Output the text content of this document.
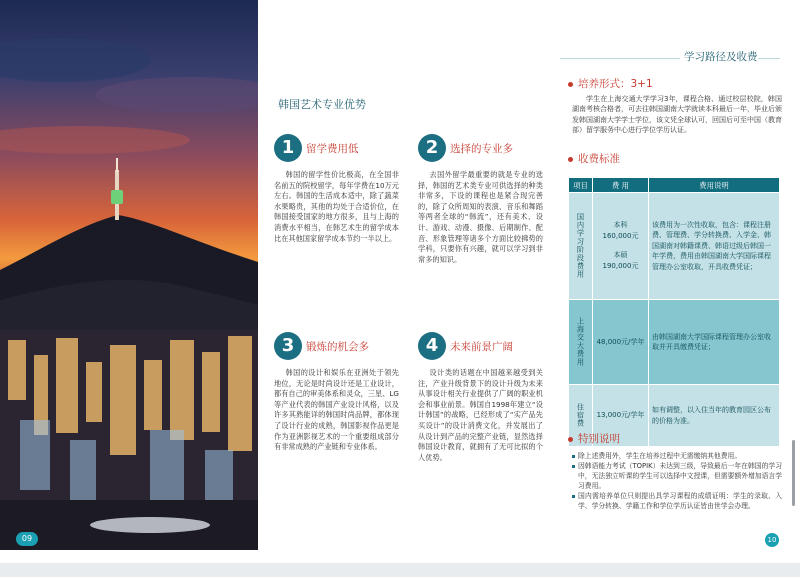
09
韩国艺术专业优势
1	留学费用低
韩国的留学性价比极高，在全国非名前五的院校留学，每年学费在10万元左右。韩国的生活成本适中，除了蔬菜水果略贵，其他的均处于合适价位，在韩国接受国家的地方很多，且与上海的消费水平相当，在韩艺术生的留学成本比在其他国家留学成本节约一半以上。
2	选择的专业多
去国外留学最重要的就是专业的选择，韩国的艺术类专业可供选择的种类非常多，下设的课程也是紧合现完善的，除了众所周知的表演、音乐和舞蹈等两者全球的“韩流”，还有美术、设计、游戏、动漫、摄像、后期制作、配音、形象管理等诸多个方面比较拂势的学科，只要你有兴趣，就可以学习到非常多的知识。
3	锻炼的机会多
韩国的设计和娱乐在亚洲处于领先地位，无论是时尚设计还是工业设计，都有自己的审美体系和灵众，三星、LG等产业代表的韩国产业设计风格，以及许多其熟能详的韩国时尚品牌，都体现了设计行业的成熟，韩国影视作品更是作为亚洲影视艺术的一个重要组成部分有非常成熟的产业链和专业体系。
4	未来前景广阔
设计类的话题在中国越来越受到关注，产业升级背景下的设计升级为未来从事设计相关行业提供了广阔的职业机会和事业前景。韩国自1998年建立“设计韩国”的战略，已经形成了“实产品先买设计”的设计消费文化，并发展出了从设计到产品的完整产业链，显然选择韩国设计教育，就拥有了无可比拟的个人优势。
学习路径及收费
培养形式：3+1
学生在上海交通大学学习3年，课程合格、通过校层校院，韩国湖南考核合格者，可去往韩国湖南大学就读本科最后一年，毕业后颁发韩国湖南大学学士学位，该文凭全球认可，回国后可至中国（教育部）留学服务中心进行学位学历认证。
收费标准
项目	费 用	费用说明

国内学习阶段费用	本科
160,000元
本硕
190,000元	该费用为一次性收取，包含：课程注册费、管理费、学分转换费、入学金、韩国湖南对韩籍课费、韩语过级后韩国一年学费，费用由韩国湖南大学国际课程管理办公室收取，开具收费凭证；

上海交大费用	48,000元/学年	由韩国湖南大学国际课程管理办公室收取并开具缴费凭证；

住宿费	13,000元/学年	如有调整，以入住当年的教育园区公布的价格为准。
特别说明
除上述费用外，学生在培养过程中无需缴纳其他费用。
因韩语能力考试（TOPIK）未达到三级，导致最后一年在韩国的学习中，无法独立听课的学生可以选择中文授课，但需要额外增加语言学习费用。
国内需培养单位只则提出具学习课程的成绩证明：学生的录取、入学、学分转换、学籍工作和学位学历认证皆由世学会办理。
10
